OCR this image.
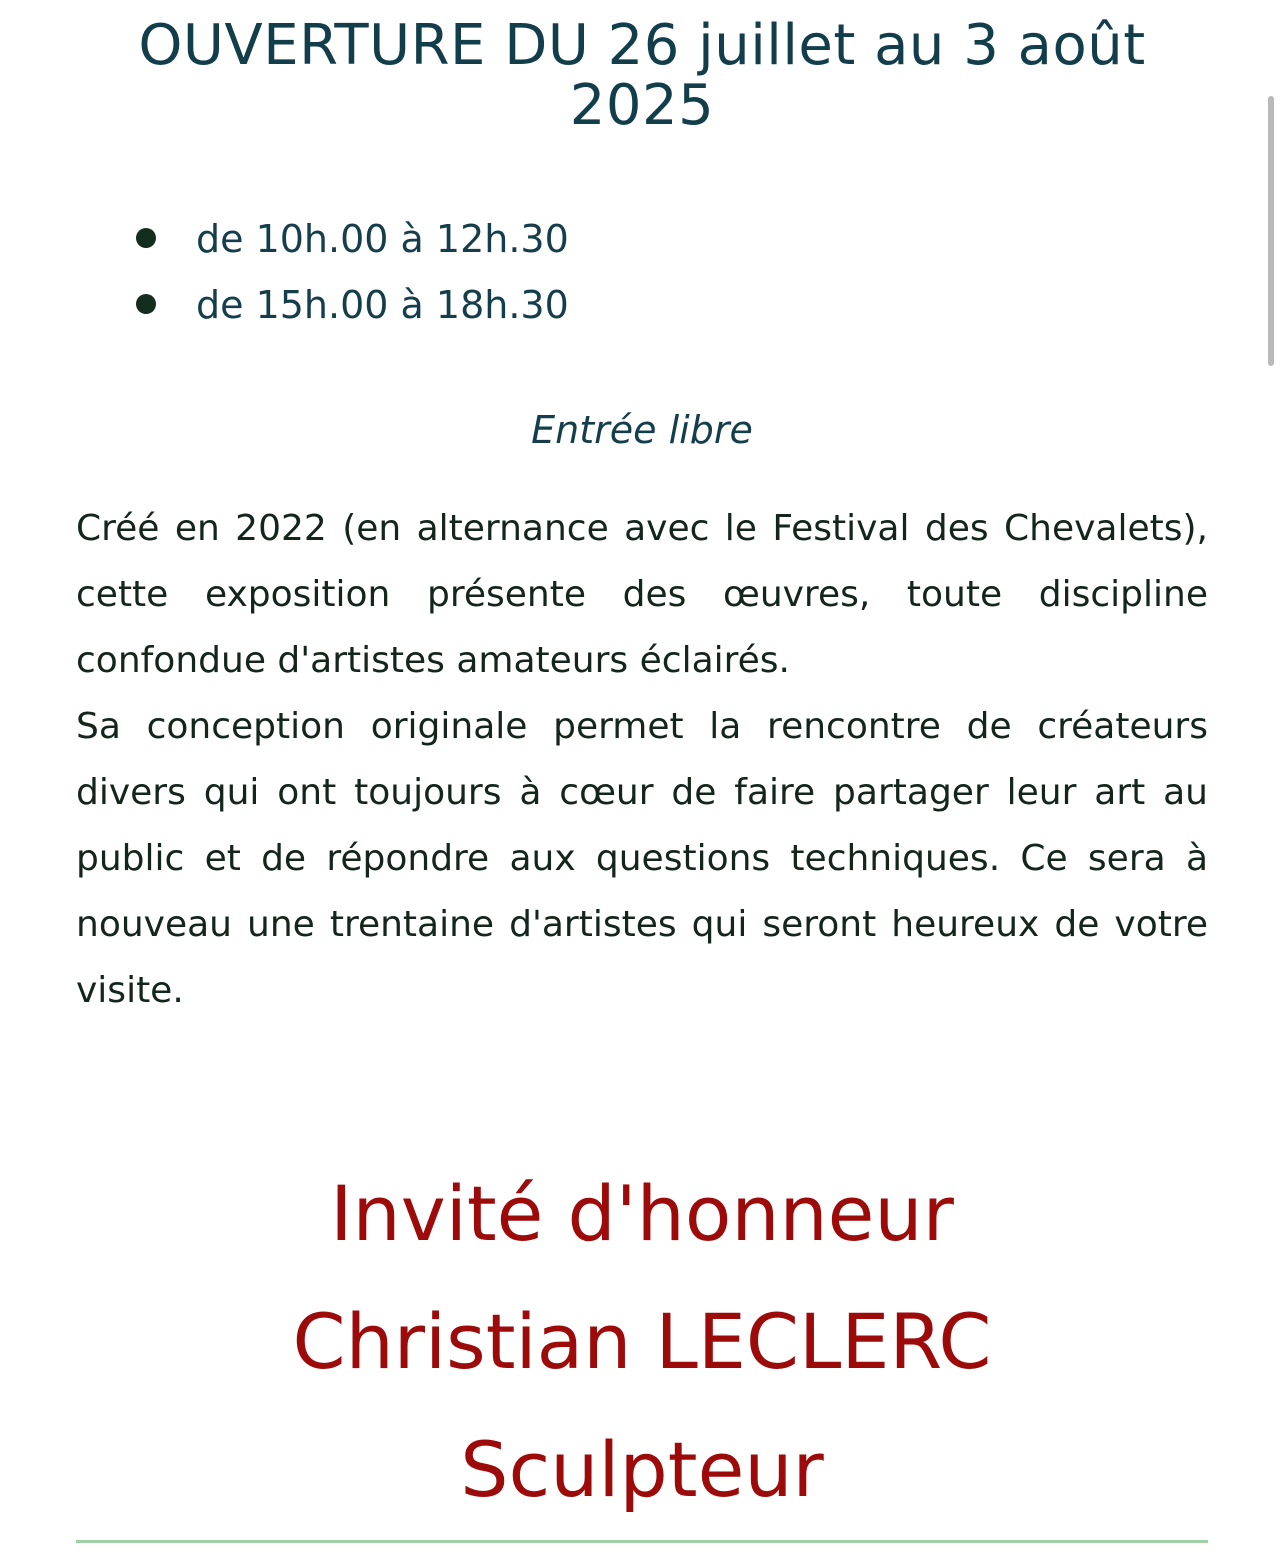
OUVERTURE DU 26 juillet au 3 août
2025
de 10h.00 à 12h.30
de 15h.00 à 18h.30
Entrée libre
Créé en 2022 (en alternance avec le Festival des Chevalets), cette exposition présente des œuvres, toute discipline confondue d'artistes amateurs éclairés.
Sa conception originale permet la rencontre de créateurs divers qui ont toujours à cœur de faire partager leur art au public et de répondre aux questions techniques. Ce sera à nouveau une trentaine d'artistes qui seront heureux de votre visite.
Invité d'honneur
Christian LECLERC
Sculpteur
